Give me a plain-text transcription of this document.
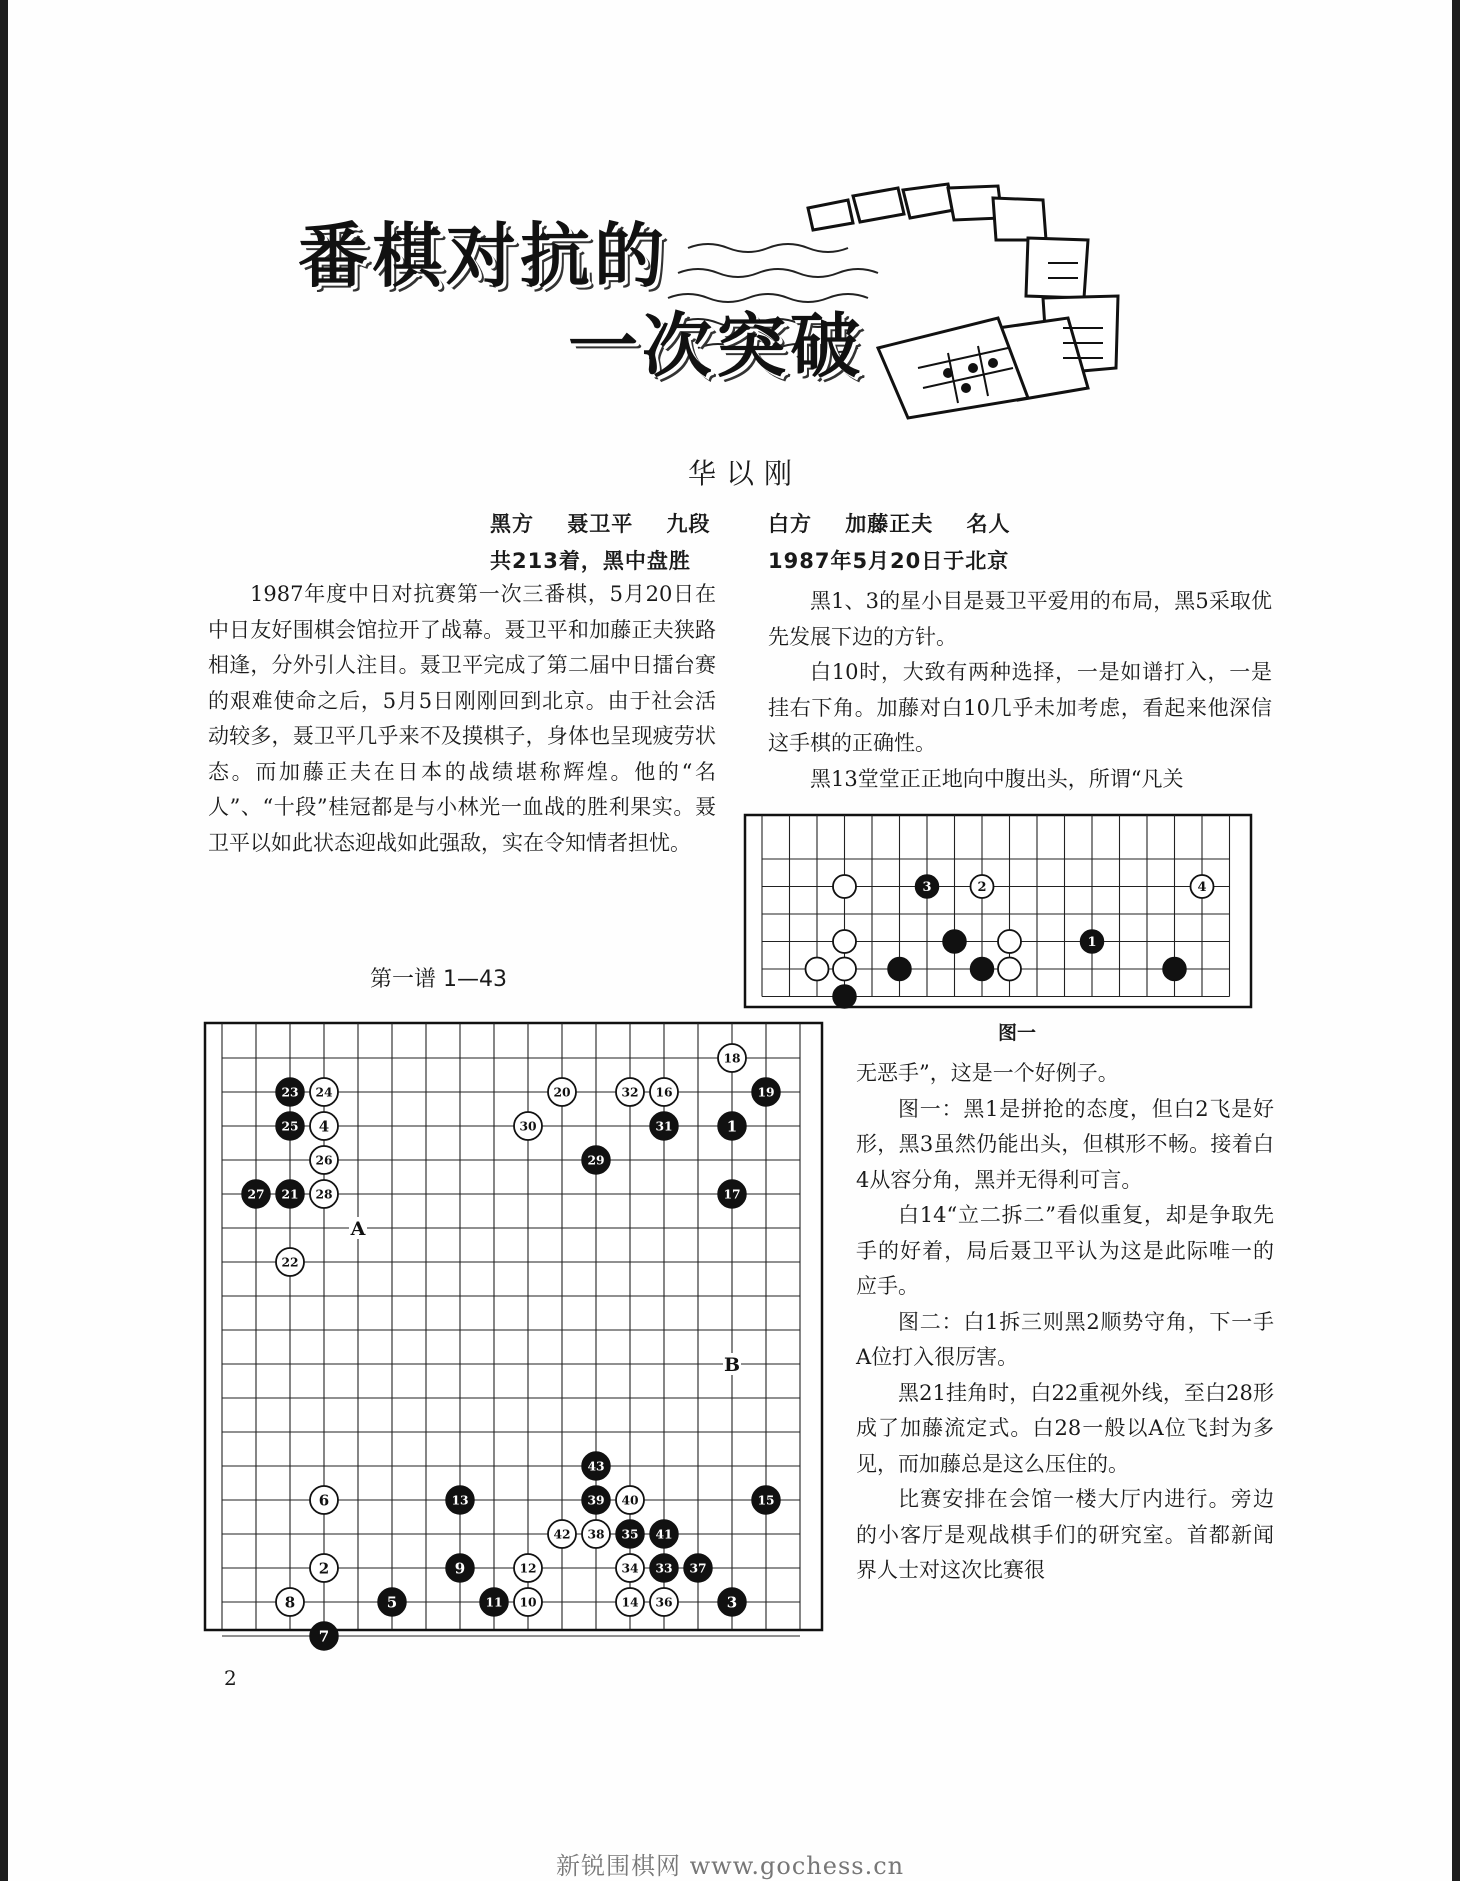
番棋对抗的
一次突破
华以刚
黑方 聂卫平 九段
共213着，黑中盘胜
白方 加藤正夫 名人
1987年5月20日于北京

1987年度中日对抗赛第一次三番棋，5月20日在中日友好围棋会馆拉开了战幕。聂卫平和加藤正夫狭路相逢，分外引人注目。聂卫平完成了第二届中日擂台赛的艰难使命之后，5月5日刚刚回到北京。由于社会活动较多，聂卫平几乎来不及摸棋子，身体也呈现疲劳状态。而加藤正夫在日本的战绩堪称辉煌。他的“名人”、“十段”桂冠都是与小林光一血战的胜利果实。聂卫平以如此状态迎战如此强敌，实在令知情者担忧。

黑1、3的星小目是聂卫平爱用的布局，黑5采取优先发展下边的方针。

白10时，大致有两种选择，一是如谱打入，一是挂右下角。加藤对白10几乎未加考虑，看起来他深信这手棋的正确性。

黑13堂堂正正地向中腹出头，所谓“凡关

3	2	4
1
图一
第一谱 1—43
18
23 24	20	32 16	19
25 4	30	31	1
26	29
27 21 28	17
22
43
6	13	39 40	15
42 38 35 41
2	9	12	34 33 37
8	5	11 10	14 36	3
7
A
B
无恶手”，这是一个好例子。

图一：黑1是拼抢的态度，但白2飞是好形，黑3虽然仍能出头，但棋形不畅。接着白4从容分角，黑并无得利可言。

白14“立二拆二”看似重复，却是争取先手的好着，局后聂卫平认为这是此际唯一的应手。

图二：白1拆三则黑2顺势守角，下一手A位打入很厉害。

黑21挂角时，白22重视外线，至白28形成了加藤流定式。白28一般以A位飞封为多见，而加藤总是这么压住的。

比赛安排在会馆一楼大厅内进行。旁边的小客厅是观战棋手们的研究室。首都新闻界人士对这次比赛很

2
新锐围棋网 www.gochess.cn
